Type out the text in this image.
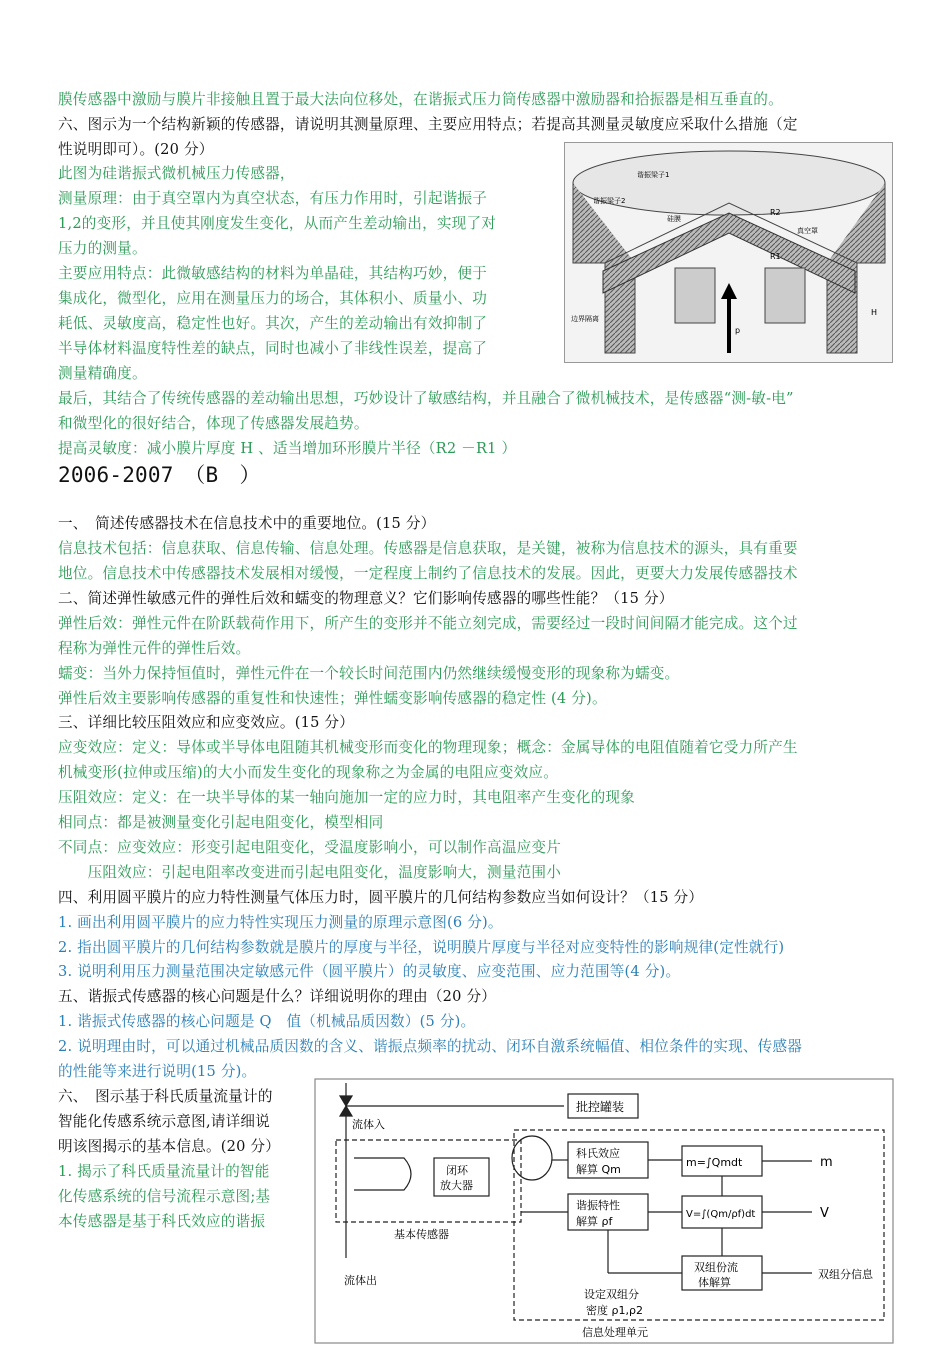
膜传感器中激励与膜片非接触且置于最大法向位移处，在谐振式压力筒传感器中激励器和拾振器是相互垂直的。
六、图示为一个结构新颖的传感器，请说明其测量原理、主要应用特点；若提高其测量灵敏度应采取什么措施（定
性说明即可）。(20 分）
此图为硅谐振式微机械压力传感器，
测量原理：由于真空罩内为真空状态，有压力作用时，引起谐振子
1,2的变形，并且使其刚度发生变化，从而产生差动输出，实现了对
压力的测量。
主要应用特点：此微敏感结构的材料为单晶硅，其结构巧妙，便于
集成化，微型化，应用在测量压力的场合，其体积小、质量小、功
耗低、灵敏度高，稳定性也好。其次，产生的差动输出有效抑制了
半导体材料温度特性差的缺点，同时也减小了非线性误差，提高了
测量精确度。
最后，其结合了传统传感器的差动输出思想，巧妙设计了敏感结构，并且融合了微机械技术，是传感器“测-敏-电”
和微型化的很好结合，体现了传感器发展趋势。
提高灵敏度：减小膜片厚度 H 、适当增加环形膜片半径（R2 －R1 ）
2006-2007　（B　）
一、　简述传感器技术在信息技术中的重要地位。(15 分）
信息技术包括：信息获取、信息传输、信息处理。传感器是信息获取，是关键，被称为信息技术的源头，具有重要
地位。信息技术中传感器技术发展相对缓慢，一定程度上制约了信息技术的发展。因此，更要大力发展传感器技术
二、简述弹性敏感元件的弹性后效和蠕变的物理意义？它们影响传感器的哪些性能？（15 分）
弹性后效：弹性元件在阶跃载荷作用下，所产生的变形并不能立刻完成，需要经过一段时间间隔才能完成。这个过
程称为弹性元件的弹性后效。
蠕变：当外力保持恒值时，弹性元件在一个较长时间范围内仍然继续缓慢变形的现象称为蠕变。
弹性后效主要影响传感器的重复性和快速性；弹性蠕变影响传感器的稳定性 (4 分)。
三、详细比较压阻效应和应变效应。(15 分）
应变效应：定义：导体或半导体电阻随其机械变形而变化的物理现象；概念：金属导体的电阻值随着它受力所产生
机械变形(拉伸或压缩)的大小而发生变化的现象称之为金属的电阻应变效应。
压阻效应：定义：在一块半导体的某一轴向施加一定的应力时，其电阻率产生变化的现象
相同点：都是被测量变化引起电阻变化，模型相同
不同点：应变效应：形变引起电阻变化，受温度影响小，可以制作高温应变片
　　压阻效应：引起电阻率改变进而引起电阻变化，温度影响大，测量范围小
四、利用圆平膜片的应力特性测量气体压力时，圆平膜片的几何结构参数应当如何设计？（15 分）
1. 画出利用圆平膜片的应力特性实现压力测量的原理示意图(6 分)。
2. 指出圆平膜片的几何结构参数就是膜片的厚度与半径，说明膜片厚度与半径对应变特性的影响规律(定性就行)
3. 说明利用压力测量范围决定敏感元件（圆平膜片）的灵敏度、应变范围、应力范围等(4 分)。
五、谐振式传感器的核心问题是什么？详细说明你的理由（20 分）
1. 谐振式传感器的核心问题是 Q　值（机械品质因数）(5 分)。
2. 说明理由时，可以通过机械品质因数的含义、谐振点频率的扰动、闭环自激系统幅值、相位条件的实现、传感器
的性能等来进行说明(15 分)。
六、　图示基于科氏质量流量计的
智能化传感系统示意图,请详细说
明该图揭示的基本信息。(20 分）
1. 揭示了科氏质量流量计的智能
化传感系统的信号流程示意图;基
本传感器是基于科氏效应的谐振
谐振梁子2
谐振梁子1
硅膜
真空罩
边界隔离
p
R2
R1
H
批控罐装
流体入
闭环
放大器
基本传感器
流体出
科氏效应
解算 Qm
谐振特性
解算 ρf
m=∫Qmdt
V=∫(Qm/ρf)dt
双组份流
体解算
m
V
双组分信息
设定双组分
密度 ρ1,ρ2
信息处理单元
